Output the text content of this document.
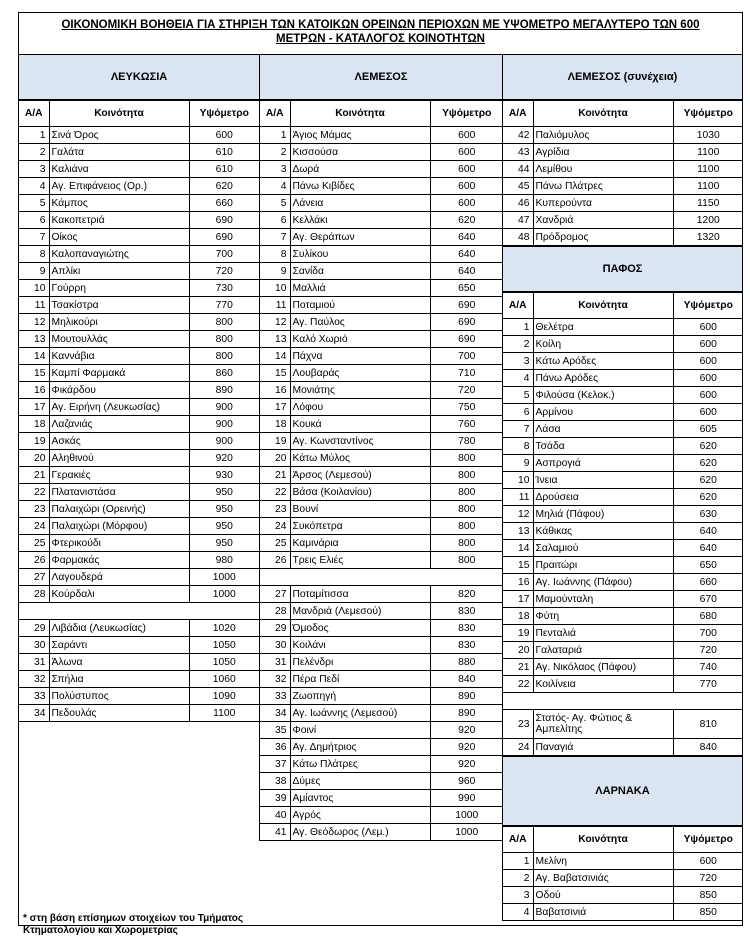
ΟΙΚΟΝΟΜΙΚΗ ΒΟΗΘΕΙΑ ΓΙΑ ΣΤΗΡΙΞΗ ΤΩΝ ΚΑΤΟΙΚΩΝ ΟΡΕΙΝΩΝ ΠΕΡΙΟΧΩΝ ΜΕ ΥΨΟΜΕΤΡΟ ΜΕΓΑΛΥΤΕΡΟ ΤΩΝ 600
ΜΕΤΡΩΝ - ΚΑΤΑΛΟΓΟΣ ΚΟΙΝΟΤΗΤΩΝ
ΛΕΥΚΩΣΙΑ
Α/Α	Κοινότητα	Υψόμετρο
1	Σινά Όρος	600
2	Γαλάτα	610
3	Καλιάνα	610
4	Αγ. Επιφάνειος (Ορ.)	620
5	Κάμπος	660
6	Κακοπετριά	690
7	Οίκος	690
8	Καλοπαναγιώτης	700
9	Απλίκι	720
10	Γούρρη	730
11	Τσακίστρα	770
12	Μηλικούρι	800
13	Μουτουλλάς	800
14	Καννάβια	800
15	Καμπί Φαρμακά	860
16	Φικάρδου	890
17	Αγ. Ειρήνη (Λευκωσίας)	900
18	Λαζανιάς	900
19	Ασκάς	900
20	Αληθινού	920
21	Γερακιές	930
22	Πλατανιστάσα	950
23	Παλαιχώρι (Ορεινής)	950
24	Παλαιχώρι (Μόρφου)	950
25	Φτερικούδι	950
26	Φαρμακάς	980
27	Λαγουδερά	1000
28	Κούρδαλι	1000

29	Λιβάδια (Λευκωσίας)	1020
30	Σαράντι	1050
31	Άλωνα	1050
32	Σπήλια	1060
33	Πολύστυπος	1090
34	Πεδουλάς	1100
* στη βάση επίσημων στοιχείων του Τμήματος Κτηματολογίου και Χωρομετρίας
ΛΕΜΕΣΟΣ
Α/Α	Κοινότητα	Υψόμετρο
1	Άγιος Μάμας	600
2	Κισσούσα	600
3	Δωρά	600
4	Πάνω Κιβίδες	600
5	Λάνεια	600
6	Κελλάκι	620
7	Αγ. Θεράπων	640
8	Συλίκου	640
9	Σανίδα	640
10	Μαλλιά	650
11	Ποταμιού	690
12	Αγ. Παύλος	690
13	Καλό Χωριό	690
14	Πάχνα	700
15	Λουβαράς	710
16	Μονιάτης	720
17	Λόφου	750
18	Κουκά	760
19	Αγ. Κωνσταντίνος	780
20	Κάτω Μύλος	800
21	Άρσος (Λεμεσού)	800
22	Βάσα (Κοιλανίου)	800
23	Βουνί	800
24	Συκόπετρα	800
25	Καμινάρια	800
26	Τρεις Ελιές	800

27	Ποταμίτισσα	820
28	Μανδριά (Λεμεσού)	830
29	Όμοδος	830
30	Κοιλάνι	830
31	Πελένδρι	880
32	Πέρα Πεδί	840
33	Ζωοπηγή	890
34	Αγ. Ιωάννης (Λεμεσού)	890
35	Φοινί	920
36	Αγ. Δημήτριος	920
37	Κάτω Πλάτρες	920
38	Δύμες	960
39	Αμίαντος	990
40	Αγρός	1000
41	Αγ. Θεόδωρος (Λεμ.)	1000
ΛΕΜΕΣΟΣ (συνέχεια)
Α/Α	Κοινότητα	Υψόμετρο
42	Παλιόμυλος	1030
43	Αγρίδια	1100
44	Λεμίθου	1100
45	Πάνω Πλάτρες	1100
46	Κυπερούντα	1150
47	Χανδριά	1200
48	Πρόδρομος	1320
ΠΑΦΟΣ
Α/Α	Κοινότητα	Υψόμετρο
1	Θελέτρα	600
2	Κοίλη	600
3	Κάτω Αρόδες	600
4	Πάνω Αρόδες	600
5	Φιλούσα (Κελοκ.)	600
6	Αρμίνου	600
7	Λάσα	605
8	Τσάδα	620
9	Ασπρογιά	620
10	Ίνεια	620
11	Δρούσεια	620
12	Μηλιά (Πάφου)	630
13	Κάθικας	640
14	Σαλαμιού	640
15	Πραιτώρι	650
16	Αγ. Ιωάννης (Πάφου)	660
17	Μαμούνταλη	670
18	Φύτη	680
19	Πενταλιά	700
20	Γαλαταριά	720
21	Αγ. Νικόλαος (Πάφου)	740
22	Κοιλίνεια	770

23	Στατός- Αγ. Φώτιος & Αμπελίτης	810
24	Παναγιά	840
ΛΑΡΝΑΚΑ
Α/Α	Κοινότητα	Υψόμετρο
1	Μελίνη	600
2	Αγ. Βαβατσινιάς	720
3	Οδού	850
4	Βαβατσινιά	850
